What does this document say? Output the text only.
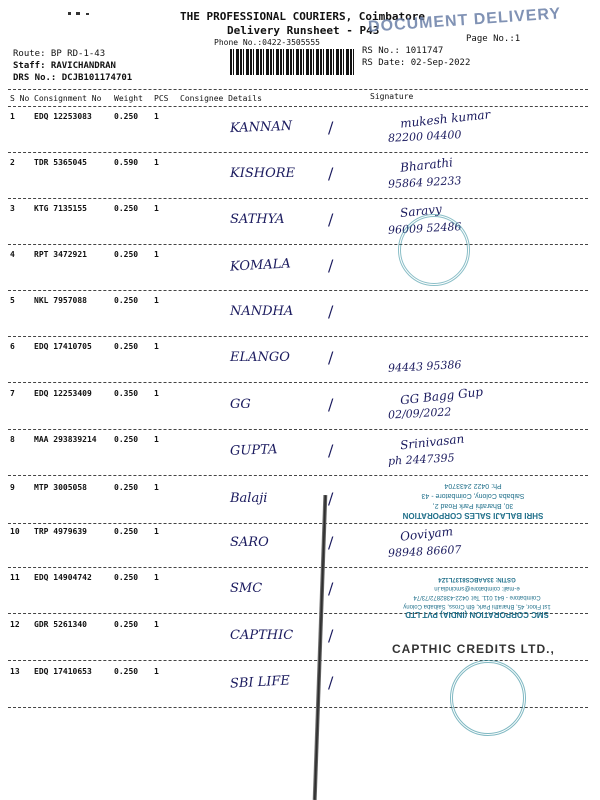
THE PROFESSIONAL COURIERS, Coimbatore
Delivery Runsheet - P43
Phone No.:0422-3505555	Page No.:1
DOCUMENT DELIVERY
Route: BP RD-1-43
Staff: RAVICHANDRAN
DRS No.: DCJB101174701
RS No.: 1011747
RS Date: 02-Sep-2022
S No Consignment No Weight PCS Consignee Details	Signature
1 EDQ 12253083	0.250 1
KANNAN /	mukesh kumar
82200 04400
2 TDR 5365045	0.590 1
KISHORE /	Bharathi
95864 92233
3 KTG 7135155	0.250 1
SATHYA	/	Saravy
96009 52486
4 RPT 3472921	0.250 1
KOMALA /
5 NKL 7957088	0.250 1
NANDHA /
6 EDQ 17410705	0.250 1
ELANGO /	94443 95386
7 EDQ 12253409	0.350 1
GG	/	GG Bagg Gup
02/09/2022
8 MAA 293839214 0.250 1
GUPTA	/	Srinivasan
ph 2447395
9 MTP 3005058	0.250 1
Balaji	/
10 TRP 4979639	0.250 1
SARO	/	Ooviyam
98948 86607
11 EDQ 14904742	0.250 1
SMC	/
12 GDR 5261340	0.250 1
CAPTHIC /
13 EDQ 17410653	0.250 1
SBI LIFE /
SHRI BALAJI SALES CORPORATION
30, Bharathi Park Road 2,
Saibaba Colony, Coimbatore - 43
Ph: 0422 2433704
SMC CORPORATION (INDIA) PVT LTD
1st Floor, 45, Bharathi Park, 6th Cross, Saibaba Colony
Coimbatore - 641 011. Tel: 0422-4382872/73/74
e-mail: coimbatore@smcindia.in
GSTIN: 33AABCS8137L1Z4
CAPTHIC CREDITS LTD.,
